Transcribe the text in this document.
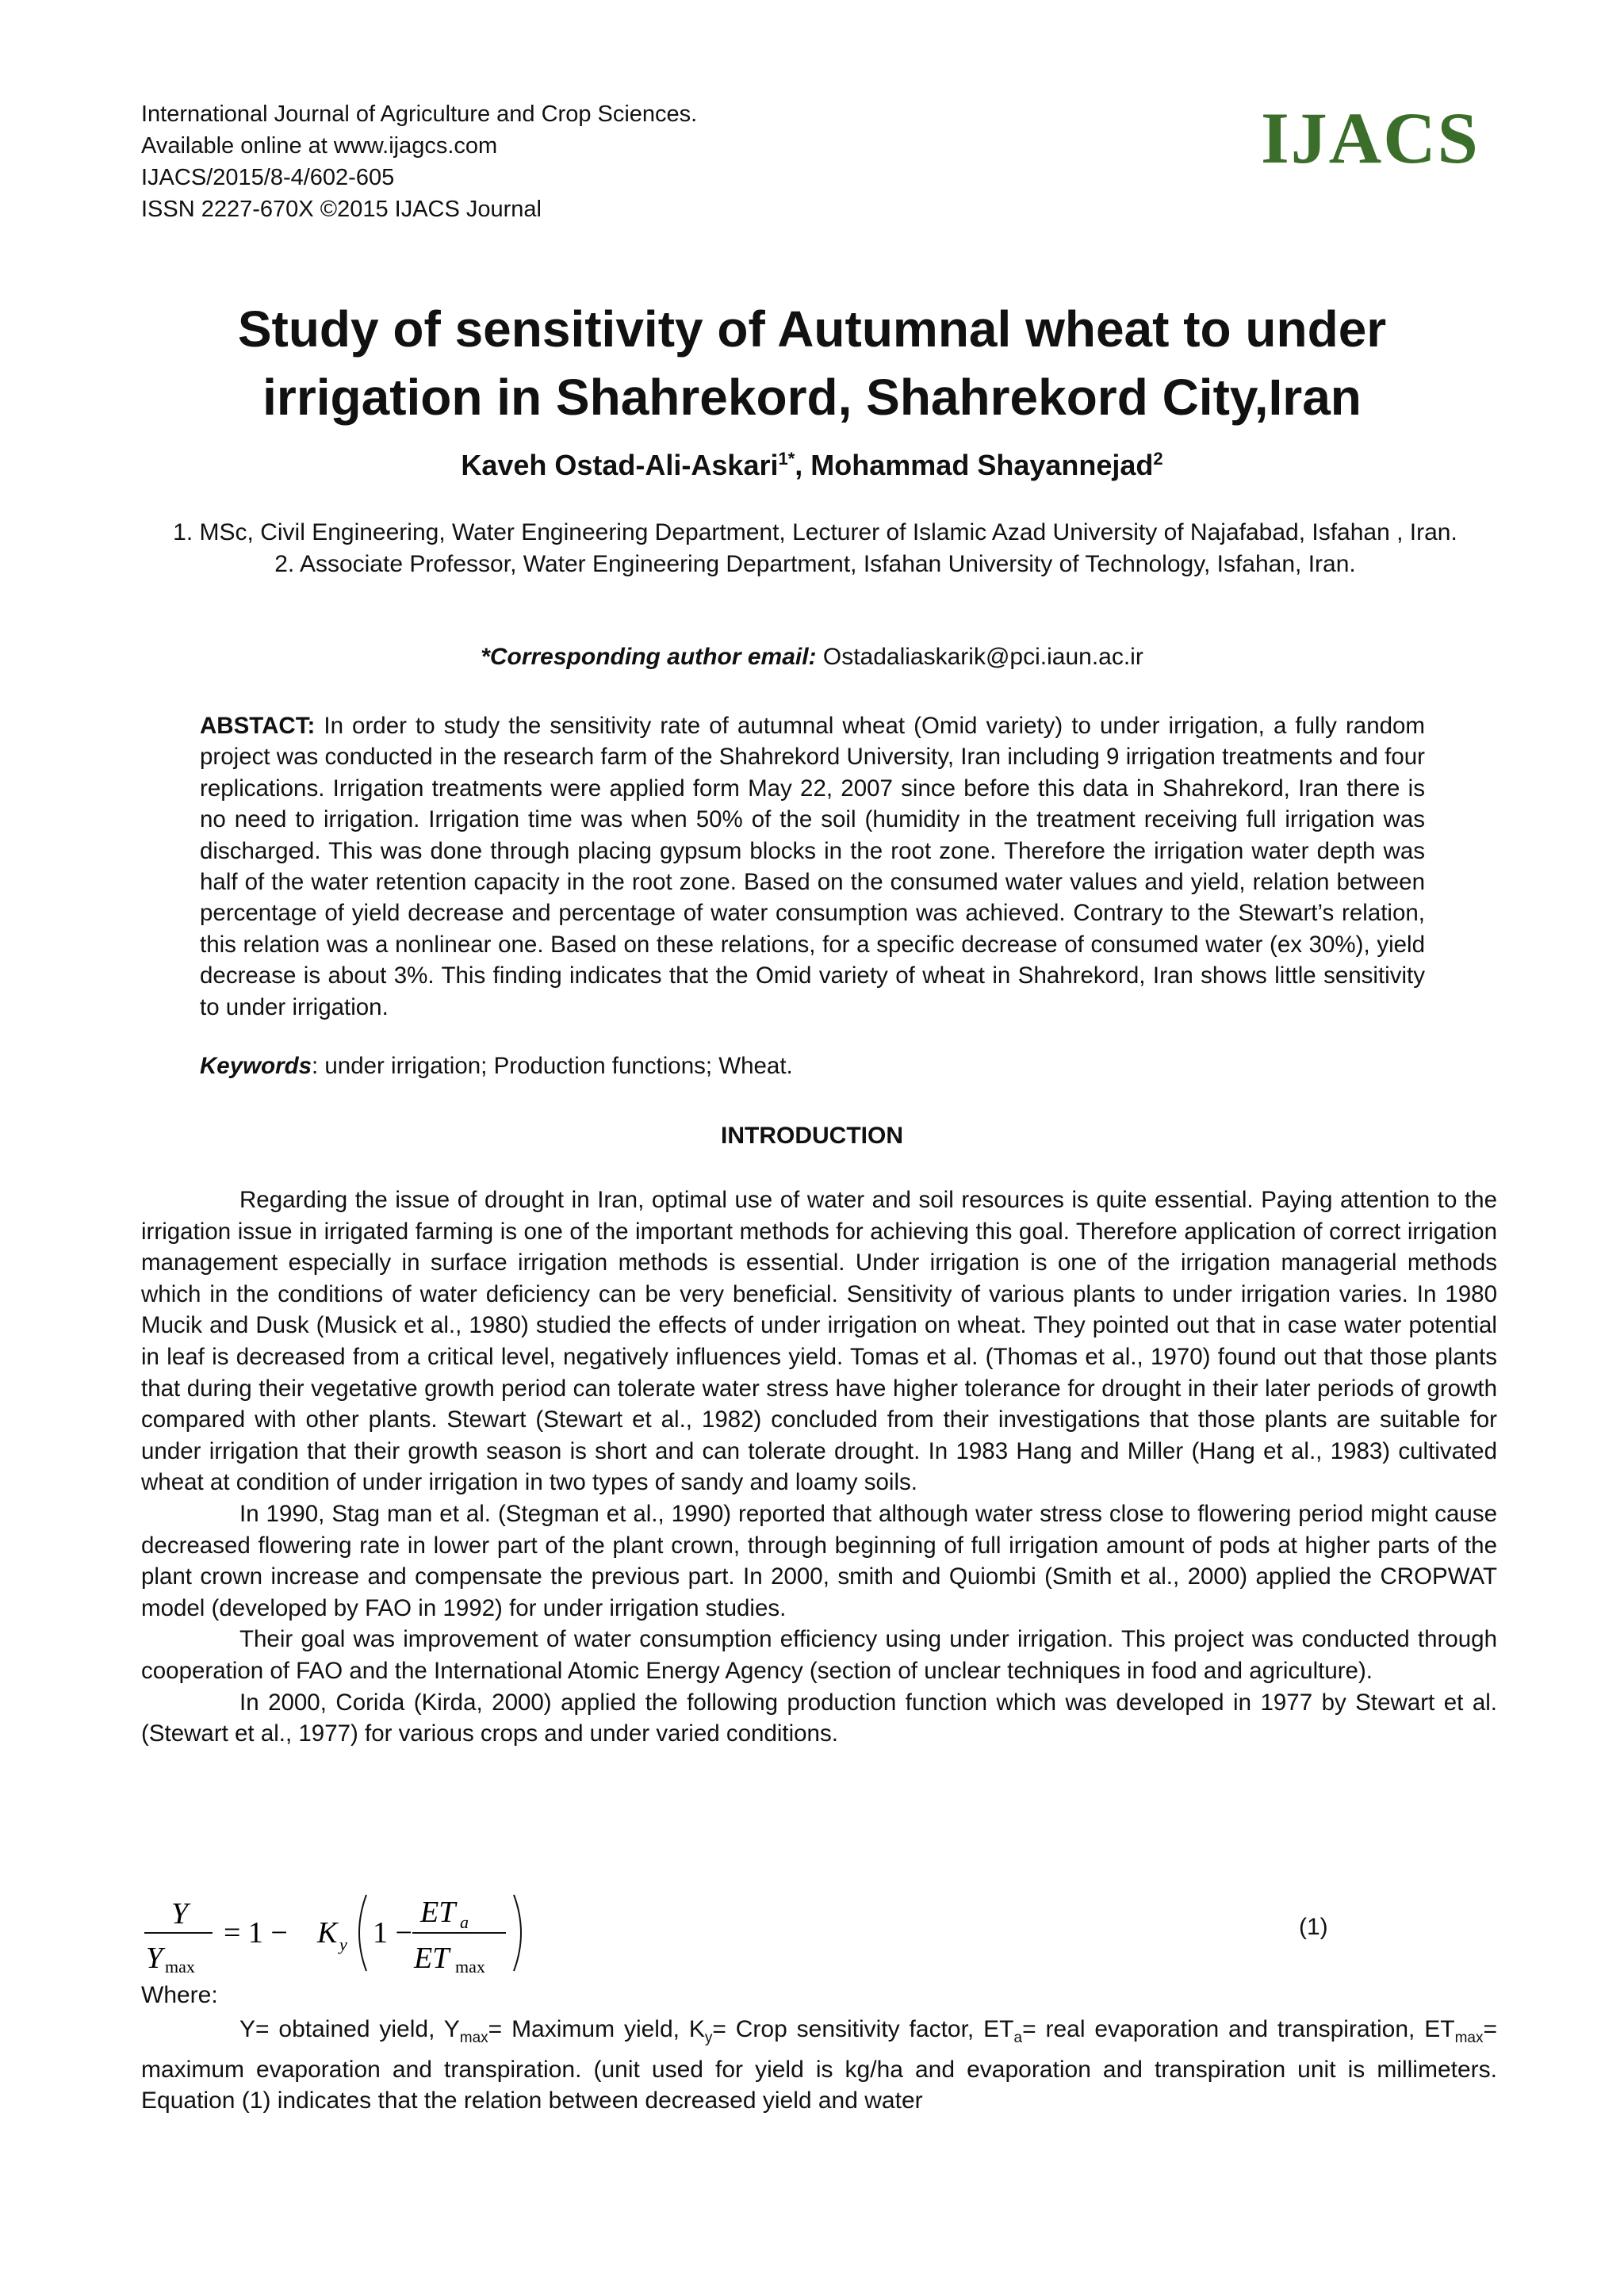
International Journal of Agriculture and Crop Sciences.
Available online at www.ijagcs.com
IJACS/2015/8-4/602-605
ISSN 2227-670X ©2015 IJACS Journal
IJACS
Study of sensitivity of Autumnal wheat to under irrigation in Shahrekord, Shahrekord City,Iran
Kaveh Ostad-Ali-Askari$^{1*}$, Mohammad Shayannejad$^2$
1. MSc, Civil Engineering, Water Engineering Department, Lecturer of Islamic Azad University of Najafabad, Isfahan , Iran.
2. Associate Professor, Water Engineering Department, Isfahan University of Technology, Isfahan, Iran.
*Corresponding author email: Ostadaliaskarik@pci.iaun.ac.ir
ABSTACT: In order to study the sensitivity rate of autumnal wheat (Omid variety) to under irrigation, a fully random project was conducted in the research farm of the Shahrekord University, Iran including 9 irrigation treatments and four replications. Irrigation treatments were applied form May 22, 2007 since before this data in Shahrekord, Iran there is no need to irrigation. Irrigation time was when 50% of the soil (humidity in the treatment receiving full irrigation was discharged. This was done through placing gypsum blocks in the root zone. Therefore the irrigation water depth was half of the water retention capacity in the root zone. Based on the consumed water values and yield, relation between percentage of yield decrease and percentage of water consumption was achieved. Contrary to the Stewart’s relation, this relation was a nonlinear one. Based on these relations, for a specific decrease of consumed water (ex 30%), yield decrease is about 3%. This finding indicates that the Omid variety of wheat in Shahrekord, Iran shows little sensitivity to under irrigation.
Keywords: under irrigation; Production functions; Wheat.
INTRODUCTION

Regarding the issue of drought in Iran, optimal use of water and soil resources is quite essential. Paying attention to the irrigation issue in irrigated farming is one of the important methods for achieving this goal. Therefore application of correct irrigation management especially in surface irrigation methods is essential. Under irrigation is one of the irrigation managerial methods which in the conditions of water deficiency can be very beneficial. Sensitivity of various plants to under irrigation varies. In 1980 Mucik and Dusk (Musick et al., 1980) studied the effects of under irrigation on wheat. They pointed out that in case water potential in leaf is decreased from a critical level, negatively influences yield. Tomas et al. (Thomas et al., 1970) found out that those plants that during their vegetative growth period can tolerate water stress have higher tolerance for drought in their later periods of growth compared with other plants. Stewart (Stewart et al., 1982) concluded from their investigations that those plants are suitable for under irrigation that their growth season is short and can tolerate drought. In 1983 Hang and Miller (Hang et al., 1983) cultivated wheat at condition of under irrigation in two types of sandy and loamy soils.

In 1990, Stag man et al. (Stegman et al., 1990) reported that although water stress close to flowering period might cause decreased flowering rate in lower part of the plant crown, through beginning of full irrigation amount of pods at higher parts of the plant crown increase and compensate the previous part. In 2000, smith and Quiombi (Smith et al., 2000) applied the CROPWAT model (developed by FAO in 1992) for under irrigation studies.

Their goal was improvement of water consumption efficiency using under irrigation. This project was conducted through cooperation of FAO and the International Atomic Energy Agency (section of unclear techniques in food and agriculture).

In 2000, Corida (Kirda, 2000) applied the following production function which was developed in 1977 by Stewart et al. (Stewart et al., 1977) for various crops and under varied conditions.

Y
Y max
= 1 − K y 1 −
ET a
ET max
(1)
Where:

Y= obtained yield, $Y_{max}=$ Maximum yield, $K_y=$ Crop sensitivity factor, $ET_a=$ real evaporation and transpiration, $ET_{max}=$ maximum evaporation and transpiration. (unit used for yield is kg/ha and evaporation and transpiration unit is millimeters. Equation (1) indicates that the relation between decreased yield and water
